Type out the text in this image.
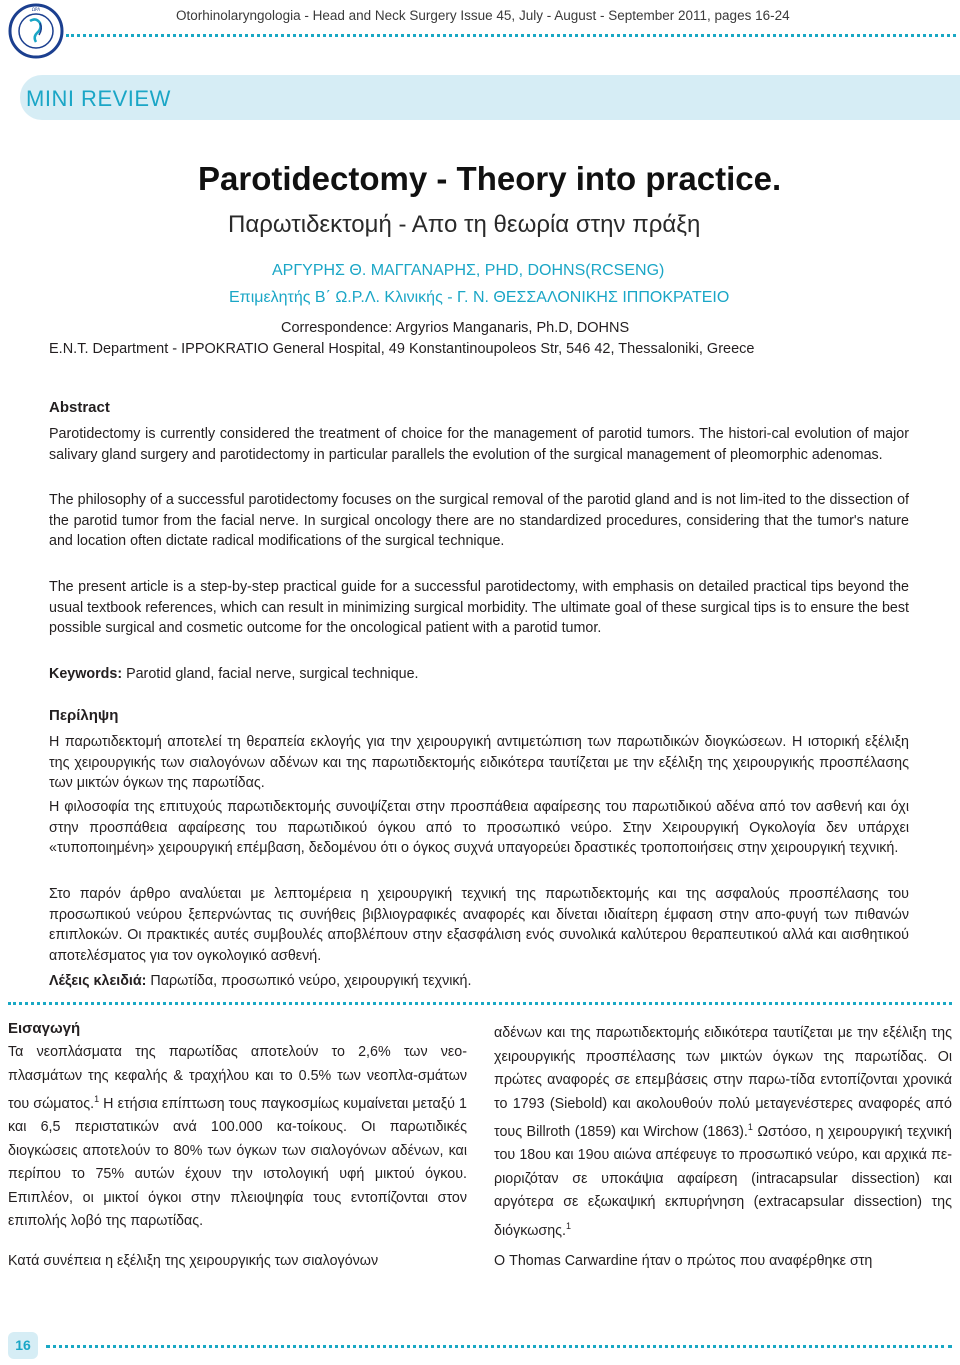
ΩΡΛ	Otorhinolaryngologia - Head and Neck Surgery Issue 45, July - August - September 2011, pages 16-24
MINI REVIEW
Parotidectomy - Theory into practice.
Παρωτιδεκτομή - Απο τη θεωρία στην πράξη
ΑΡΓΥΡΗΣ Θ. ΜΑΓΓΑΝΑΡΗΣ, PHD, DOHNS(RCSENG)
Επιμελητής Β΄ Ω.Ρ.Λ. Κλινικής - Γ. Ν. ΘΕΣΣΑΛΟΝΙΚΗΣ ΙΠΠΟΚΡΑΤΕΙΟ
Correspondence: Argyrios Manganaris, Ph.D, DOHNS
E.N.T. Department - IPPOKRATIO General Hospital, 49 Konstantinoupoleos Str, 546 42, Thessaloniki, Greece
Abstract

Parotidectomy is currently considered the treatment of choice for the management of parotid tumors. The histori-cal evolution of major salivary gland surgery and parotidectomy in particular parallels the evolution of the surgical management of pleomorphic adenomas.

The philosophy of a successful parotidectomy focuses on the surgical removal of the parotid gland and is not lim-ited to the dissection of the parotid tumor from the facial nerve. In surgical oncology there are no standardized procedures, considering that the tumor's nature and location often dictate radical modifications of the surgical technique.

The present article is a step-by-step practical guide for a successful parotidectomy, with emphasis on detailed practical tips beyond the usual textbook references, which can result in minimizing surgical morbidity. The ultimate goal of these surgical tips is to ensure the best possible surgical and cosmetic outcome for the oncological patient with a parotid tumor.

Keywords: Parotid gland, facial nerve, surgical technique.

Περίληψη

Η παρωτιδεκτομή αποτελεί τη θεραπεία εκλογής για την χειρουργική αντιμετώπιση των παρωτιδικών διογκώσεων. Η ιστορική εξέλιξη της χειρουργικής των σιαλογόνων αδένων και της παρωτιδεκτομής ειδικότερα ταυτίζεται με την εξέλιξη της χειρουργικής προσπέλασης των μικτών όγκων της παρωτίδας.

Η φιλοσοφία της επιτυχούς παρωτιδεκτομής συνοψίζεται στην προσπάθεια αφαίρεσης του παρωτιδικού αδένα από τον ασθενή και όχι στην προσπάθεια αφαίρεσης του παρωτιδικού όγκου από το προσωπικό νεύρο. Στην Χειρουργική Ογκολογία δεν υπάρχει «τυποποιημένη» χειρουργική επέμβαση, δεδομένου ότι ο όγκος συχνά υπαγορεύει δραστικές τροποποιήσεις στην χειρουργική τεχνική.

Στο παρόν άρθρο αναλύεται με λεπτομέρεια η χειρουργική τεχνική της παρωτιδεκτομής και της ασφαλούς προσπέλασης του προσωπικού νεύρου ξεπερνώντας τις συνήθεις βιβλιογραφικές αναφορές και δίνεται ιδιαίτερη έμφαση στην απο-φυγή των πιθανών επιπλοκών. Οι πρακτικές αυτές συμβουλές αποβλέπουν στην εξασφάλιση ενός συνολικά καλύτερου θεραπευτικού αλλά και αισθητικού αποτελέσματος για τον ογκολογικό ασθενή.

Λέξεις κλειδιά: Παρωτίδα, προσωπικό νεύρο, χειρουργική τεχνική.

Εισαγωγή

Τα νεοπλάσματα της παρωτίδας αποτελούν το 2,6% των νεο-πλασμάτων της κεφαλής & τραχήλου και το 0.5% των νεοπλα-σμάτων του σώματος.$^1$ Η ετήσια επίπτωση τους παγκοσμίως κυμαίνεται μεταξύ 1 και 6,5 περιστατικών ανά 100.000 κα-τοίκους. Οι παρωτιδικές διογκώσεις αποτελούν το 80% των όγκων των σιαλογόνων αδένων, και περίπου το 75% αυτών έχουν την ιστολογική υφή μικτού όγκου. Επιπλέον, οι μικτοί όγκοι στην πλειοψηφία τους εντοπίζονται στον επιπολής λοβό της παρωτίδας.

Κατά συνέπεια η εξέλιξη της χειρουργικής των σιαλογόνων

αδένων και της παρωτιδεκτομής ειδικότερα ταυτίζεται με την εξέλιξη της χειρουργικής προσπέλασης των μικτών όγκων της παρωτίδας. Οι πρώτες αναφορές σε επεμβάσεις στην παρω-τίδα εντοπίζονται χρονικά το 1793 (Siebold) και ακολουθούν πολύ μεταγενέστερες αναφορές από τους Billroth (1859) και Wirchow (1863).$^1$ Ωστόσο, η χειρουργική τεχνική του 18ου και 19ου αιώνα απέφευγε το προσωπικό νεύρο, και αρχικά πε-ριοριζόταν σε υποκάψια αφαίρεση (intracapsular dissection) και αργότερα σε εξωκαψική εκπυρήνηση (extracapsular dissection) της διόγκωσης.$^1$

Ο Thomas Carwardine ήταν ο πρώτος που αναφέρθηκε στη

16
